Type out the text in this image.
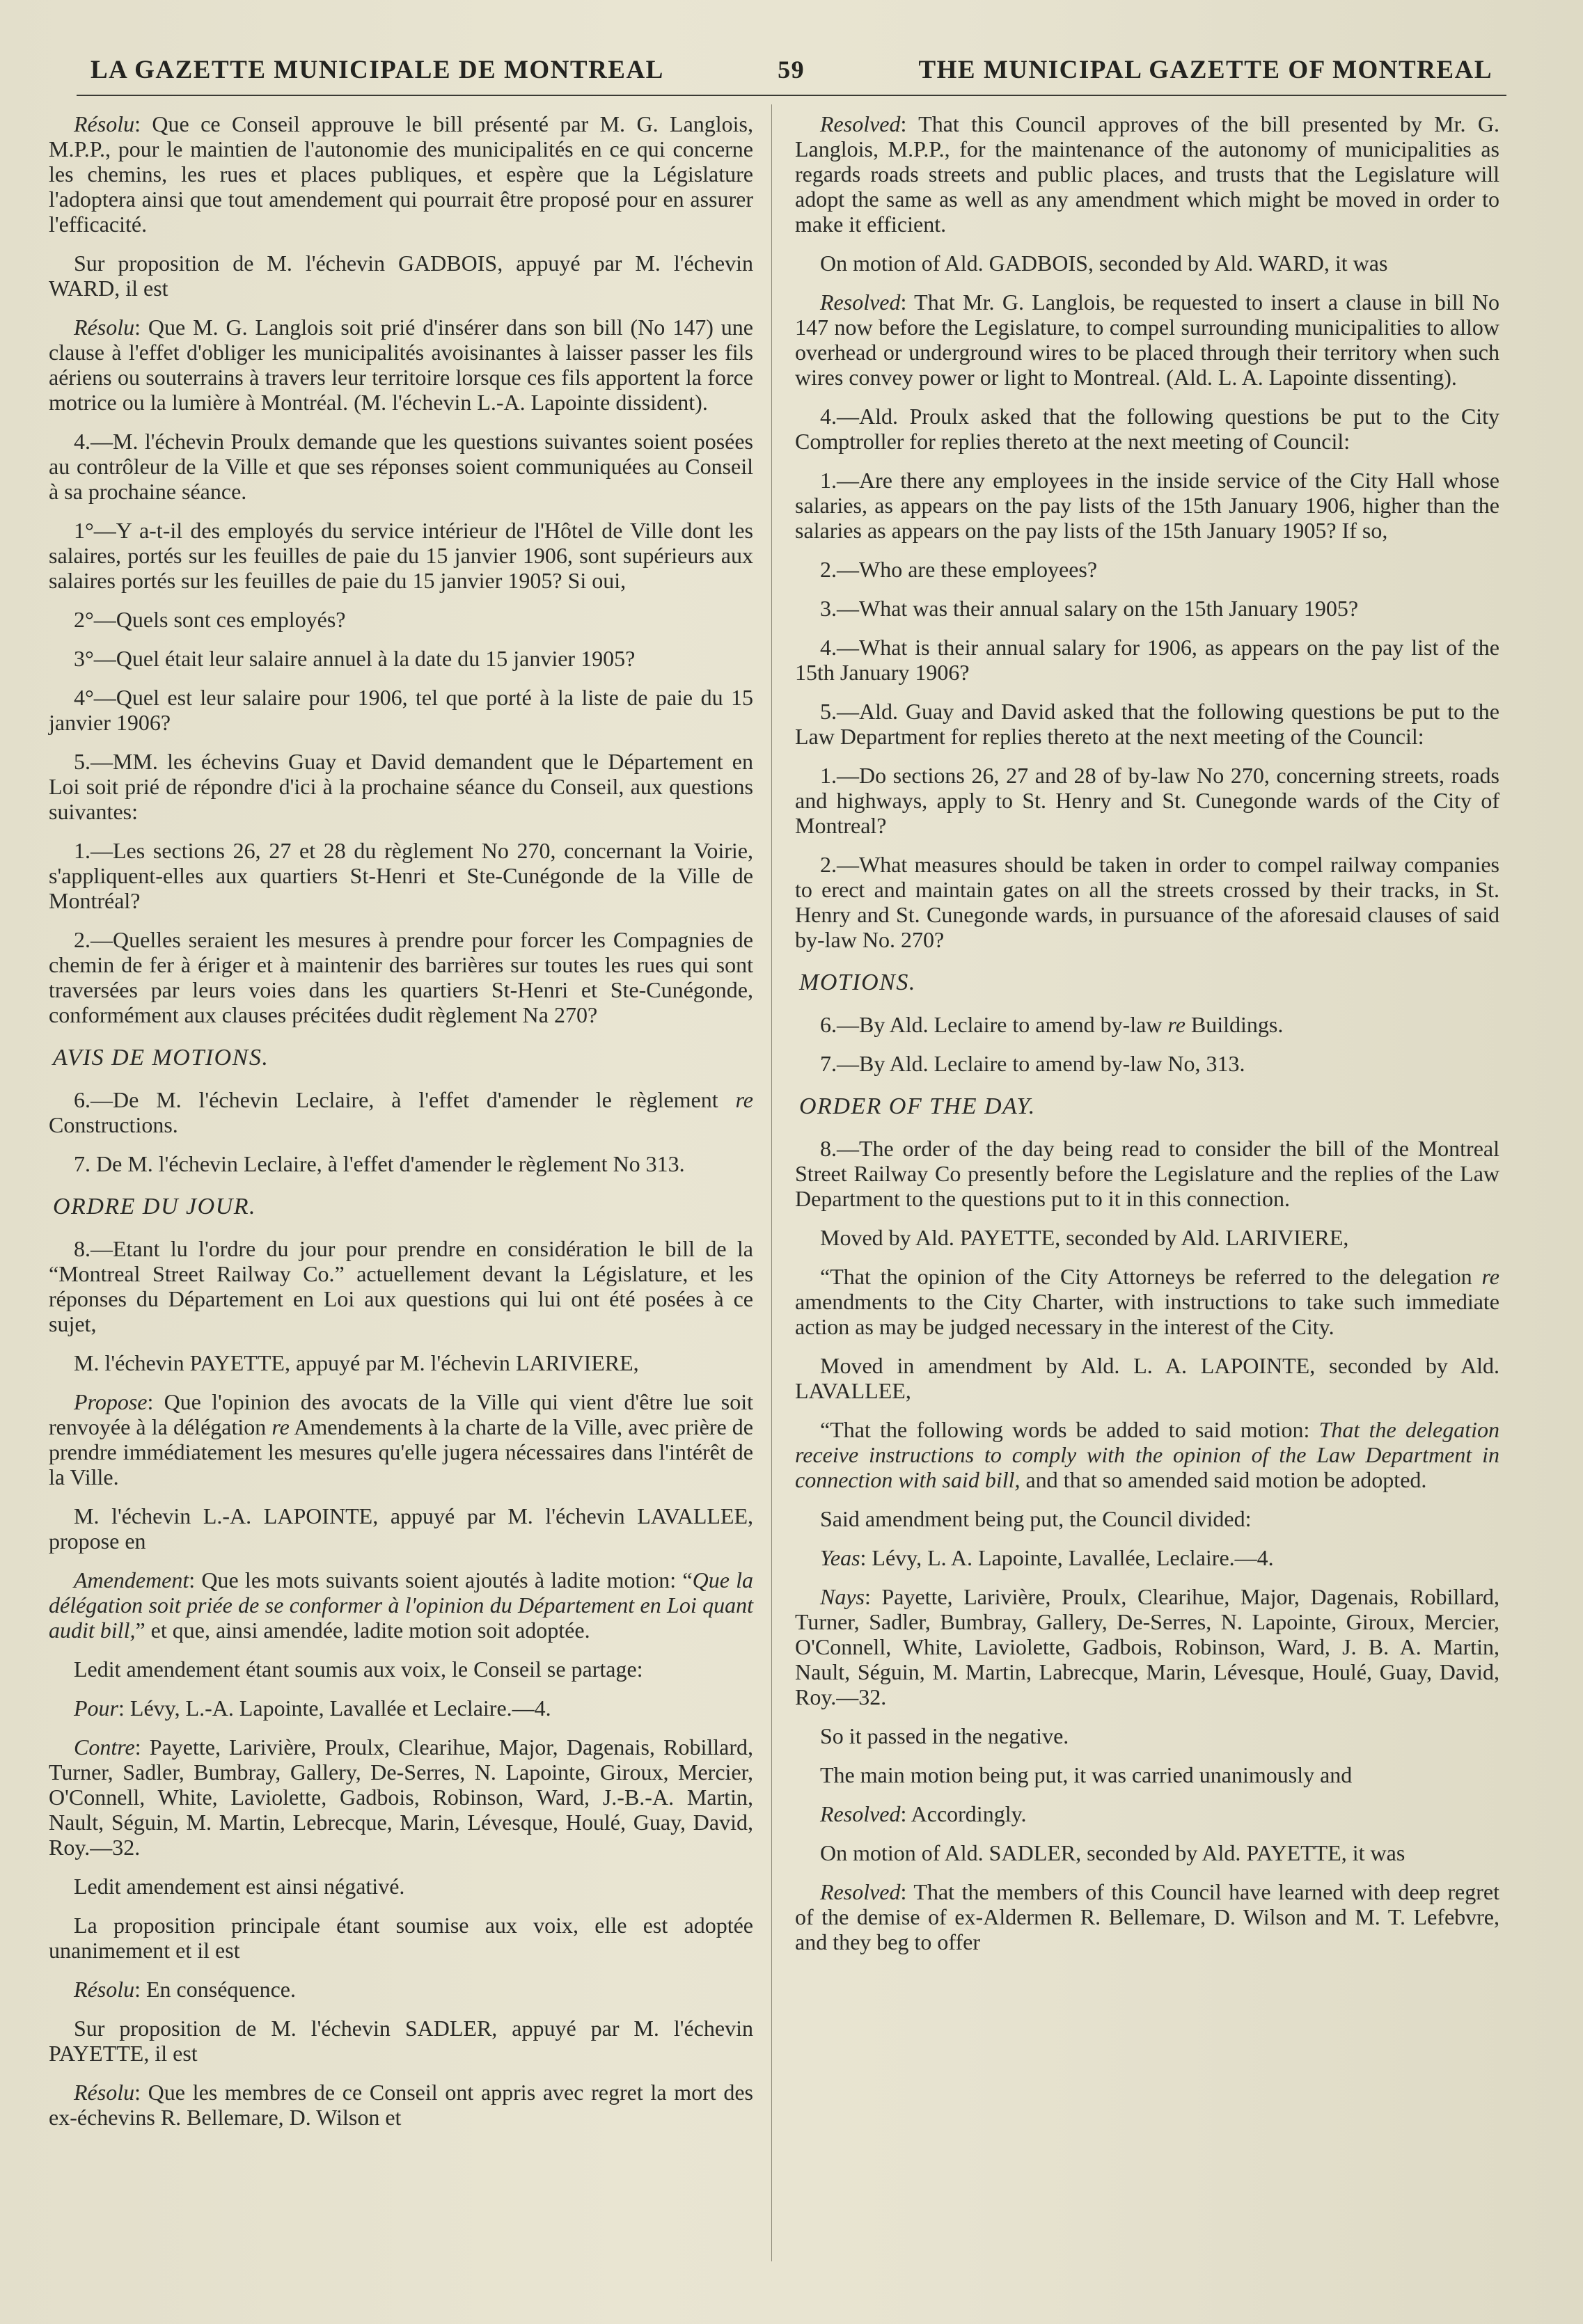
LA GAZETTE MUNICIPALE DE MONTREAL	59	THE MUNICIPAL GAZETTE OF MONTREAL

Résolu: Que ce Conseil approuve le bill présenté par M. G. Langlois, M.P.P., pour le maintien de l'autonomie des municipalités en ce qui concerne les chemins, les rues et places publiques, et espère que la Législature l'adoptera ainsi que tout amendement qui pourrait être proposé pour en assurer l'efficacité.

Sur proposition de M. l'échevin GADBOIS, appuyé par M. l'échevin WARD, il est

Résolu: Que M. G. Langlois soit prié d'insérer dans son bill (No 147) une clause à l'effet d'obliger les municipalités avoisinantes à laisser passer les fils aériens ou souterrains à travers leur territoire lorsque ces fils apportent la force motrice ou la lumière à Montréal. (M. l'échevin L.-A. Lapointe dissident).

4.—M. l'échevin Proulx demande que les questions suivantes soient posées au contrôleur de la Ville et que ses réponses soient communiquées au Conseil à sa prochaine séance.

1°—Y a-t-il des employés du service intérieur de l'Hôtel de Ville dont les salaires, portés sur les feuilles de paie du 15 janvier 1906, sont supérieurs aux salaires portés sur les feuilles de paie du 15 janvier 1905? Si oui,

2°—Quels sont ces employés?

3°—Quel était leur salaire annuel à la date du 15 janvier 1905?

4°—Quel est leur salaire pour 1906, tel que porté à la liste de paie du 15 janvier 1906?

5.—MM. les échevins Guay et David demandent que le Département en Loi soit prié de répondre d'ici à la prochaine séance du Conseil, aux questions suivantes:

1.—Les sections 26, 27 et 28 du règlement No 270, concernant la Voirie, s'appliquent-elles aux quartiers St-Henri et Ste-Cunégonde de la Ville de Montréal?

2.—Quelles seraient les mesures à prendre pour forcer les Compagnies de chemin de fer à ériger et à maintenir des barrières sur toutes les rues qui sont traversées par leurs voies dans les quartiers St-Henri et Ste-Cunégonde, conformément aux clauses précitées dudit règlement Na 270?

AVIS DE MOTIONS.

6.—De M. l'échevin Leclaire, à l'effet d'amender le règlement re Constructions.

7. De M. l'échevin Leclaire, à l'effet d'amender le règlement No 313.

ORDRE DU JOUR.

8.—Etant lu l'ordre du jour pour prendre en considération le bill de la “Montreal Street Railway Co.” actuellement devant la Législature, et les réponses du Département en Loi aux questions qui lui ont été posées à ce sujet,

M. l'échevin PAYETTE, appuyé par M. l'échevin LARIVIERE,

Propose: Que l'opinion des avocats de la Ville qui vient d'être lue soit renvoyée à la délégation re Amendements à la charte de la Ville, avec prière de prendre immédiatement les mesures qu'elle jugera nécessaires dans l'intérêt de la Ville.

M. l'échevin L.-A. LAPOINTE, appuyé par M. l'échevin LAVALLEE, propose en

Amendement: Que les mots suivants soient ajoutés à ladite motion: “Que la délégation soit priée de se conformer à l'opinion du Département en Loi quant audit bill,” et que, ainsi amendée, ladite motion soit adoptée.

Ledit amendement étant soumis aux voix, le Conseil se partage:

Pour: Lévy, L.-A. Lapointe, Lavallée et Leclaire.—4.

Contre: Payette, Larivière, Proulx, Clearihue, Major, Dagenais, Robillard, Turner, Sadler, Bumbray, Gallery, De-Serres, N. Lapointe, Giroux, Mercier, O'Connell, White, Laviolette, Gadbois, Robinson, Ward, J.-B.-A. Martin, Nault, Séguin, M. Martin, Lebrecque, Marin, Lévesque, Houlé, Guay, David, Roy.—32.

Ledit amendement est ainsi négativé.

La proposition principale étant soumise aux voix, elle est adoptée unanimement et il est

Résolu: En conséquence.

Sur proposition de M. l'échevin SADLER, appuyé par M. l'échevin PAYETTE, il est

Résolu: Que les membres de ce Conseil ont appris avec regret la mort des ex-échevins R. Bellemare, D. Wilson et

Resolved: That this Council approves of the bill presented by Mr. G. Langlois, M.P.P., for the maintenance of the autonomy of municipalities as regards roads streets and public places, and trusts that the Legislature will adopt the same as well as any amendment which might be moved in order to make it efficient.

On motion of Ald. GADBOIS, seconded by Ald. WARD, it was

Resolved: That Mr. G. Langlois, be requested to insert a clause in bill No 147 now before the Legislature, to compel surrounding municipalities to allow overhead or underground wires to be placed through their territory when such wires convey power or light to Montreal. (Ald. L. A. Lapointe dissenting).

4.—Ald. Proulx asked that the following questions be put to the City Comptroller for replies thereto at the next meeting of Council:

1.—Are there any employees in the inside service of the City Hall whose salaries, as appears on the pay lists of the 15th January 1906, higher than the salaries as appears on the pay lists of the 15th January 1905? If so,

2.—Who are these employees?

3.—What was their annual salary on the 15th January 1905?

4.—What is their annual salary for 1906, as appears on the pay list of the 15th January 1906?

5.—Ald. Guay and David asked that the following questions be put to the Law Department for replies thereto at the next meeting of the Council:

1.—Do sections 26, 27 and 28 of by-law No 270, concerning streets, roads and highways, apply to St. Henry and St. Cunegonde wards of the City of Montreal?

2.—What measures should be taken in order to compel railway companies to erect and maintain gates on all the streets crossed by their tracks, in St. Henry and St. Cunegonde wards, in pursuance of the aforesaid clauses of said by-law No. 270?

MOTIONS.

6.—By Ald. Leclaire to amend by-law re Buildings.

7.—By Ald. Leclaire to amend by-law No, 313.

ORDER OF THE DAY.

8.—The order of the day being read to consider the bill of the Montreal Street Railway Co presently before the Legislature and the replies of the Law Department to the questions put to it in this connection.

Moved by Ald. PAYETTE, seconded by Ald. LARIVIERE,

“That the opinion of the City Attorneys be referred to the delegation re amendments to the City Charter, with instructions to take such immediate action as may be judged necessary in the interest of the City.

Moved in amendment by Ald. L. A. LAPOINTE, seconded by Ald. LAVALLEE,

“That the following words be added to said motion: That the delegation receive instructions to comply with the opinion of the Law Department in connection with said bill, and that so amended said motion be adopted.

Said amendment being put, the Council divided:

Yeas: Lévy, L. A. Lapointe, Lavallée, Leclaire.—4.

Nays: Payette, Larivière, Proulx, Clearihue, Major, Dagenais, Robillard, Turner, Sadler, Bumbray, Gallery, De-Serres, N. Lapointe, Giroux, Mercier, O'Connell, White, Laviolette, Gadbois, Robinson, Ward, J. B. A. Martin, Nault, Séguin, M. Martin, Labrecque, Marin, Lévesque, Houlé, Guay, David, Roy.—32.

So it passed in the negative.

The main motion being put, it was carried unanimously and

Resolved: Accordingly.

On motion of Ald. SADLER, seconded by Ald. PAYETTE, it was

Resolved: That the members of this Council have learned with deep regret of the demise of ex-Aldermen R. Bellemare, D. Wilson and M. T. Lefebvre, and they beg to offer
